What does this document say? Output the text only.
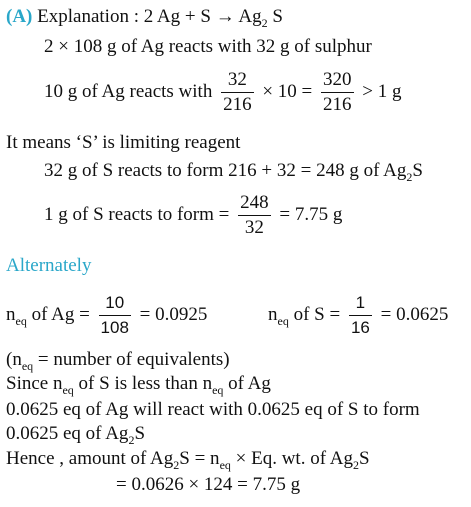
(A) Explanation : 2 $Ag + S \to Ag_2$ S
2 × 108 g of Ag reacts with 32 g of sulphur
10 g of Ag reacts with $\frac{32}{216} \times 10 = \frac{320}{216} > 1$ g
It means ‘S’ is limiting reagent
32 g of S reacts to form 216 + 32 = 248 g of $Ag_2S$
1 g of S reacts to form = $\frac{248}{32} = 7.75$ g
Alternately
$n_{eq}$ of $Ag = \frac{10}{108} = 0.0925$	$n_{eq}$ of $S = \frac{1}{16} = 0.0625$
($n_{eq}$ = number of equivalents)
Since $n_{eq}$ of S is less than $n_{eq}$ of Ag
0.0625 eq of Ag will react with 0.0625 eq of S to form
0.0625 eq of $Ag_2S$
Hence , amount of $Ag_2S = n_{eq} \times Eq$. wt. of $Ag_2S$
= 0.0626 × 124 = 7.75 g
